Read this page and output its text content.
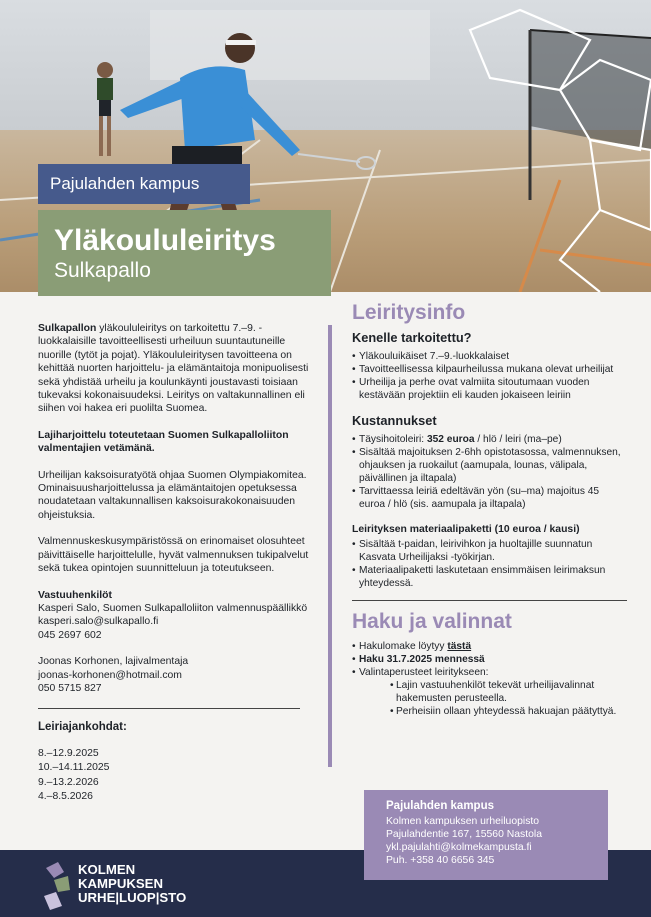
Pajulahden kampus
Yläkoululeiritys
Sulkapallo

Sulkapallon yläkoululeiritys on tarkoitettu 7.–9. -luokkalaisille tavoitteellisesti urheiluun suuntautuneille nuorille (tytöt ja pojat). Yläkoululeiritysen tavoitteena on kehittää nuorten harjoittelu- ja elämäntaitoja monipuolisesti sekä yhdistää urheilu ja koulunkäynti joustavasti toisiaan tukevaksi kokonaisuudeksi. Leiritys on valtakunnallinen eli siihen voi hakea eri puolilta Suomea.

Lajiharjoittelu toteutetaan Suomen Sulkapalloliiton valmentajien vetämänä.

Urheilijan kaksoisuratyötä ohjaa Suomen Olympiakomitea. Ominaisuusharjoittelussa ja elämäntaitojen opetuksessa noudatetaan valtakunnallisen kaksoisurakokonaisuuden ohjeistuksia.

Valmennuskeskusympäristössä on erinomaiset olosuhteet päivittäiselle harjoittelulle, hyvät valmennuksen tukipalvelut sekä tukea opintojen suunnitteluun ja toteutukseen.

Vastuuhenkilöt
Kasperi Salo, Suomen Sulkapalloliiton valmennuspäällikkö
kasperi.salo@sulkapallo.fi
045 2697 602
Joonas Korhonen, lajivalmentaja
joonas-korhonen@hotmail.com
050 5715 827
Leiriajankohdat:
8.–12.9.2025
10.–14.11.2025
9.–13.2.2026
4.–8.5.2026
Leiritysinfo
Kenelle tarkoitettu?
• Yläkouluikäiset 7.–9.-luokkalaiset
• Tavoitteellisessa kilpaurheilussa mukana olevat urheilijat
• Urheilija ja perhe ovat valmiita sitoutumaan vuoden kestävään projektiin eli kauden jokaiseen leiriin
Kustannukset
• Täysihoitoleiri: 352 euroa / hlö / leiri (ma–pe)
• Sisältää majoituksen 2-6hh opistotasossa, valmennuksen, ohjauksen ja ruokailut (aamupala, lounas, välipala, päivällinen ja iltapala)
• Tarvittaessa leiriä edeltävän yön (su–ma) majoitus 45 euroa / hlö (sis. aamupala ja iltapala)
Leirityksen materiaalipaketti (10 euroa / kausi)
• Sisältää t-paidan, leirivihkon ja huoltajille suunnatun Kasvata Urheilijaksi -työkirjan.
• Materiaalipaketti laskutetaan ensimmäisen leirimaksun yhteydessä.
Haku ja valinnat
• Hakulomake löytyy tästä
• Haku 31.7.2025 mennessä
• Valintaperusteet leiritykseen:
• Lajin vastuuhenkilöt tekevät urheilijavalinnat hakemusten perusteella.
• Perheisiin ollaan yhteydessä hakuajan päätyttyä.
Pajulahden kampus
Kolmen kampuksen urheiluopisto
Pajulahdentie 167, 15560 Nastola
ykl.pajulahti@kolmekampusta.fi
Puh. +358 40 6656 345
KOLMEN
KAMPUKSEN
URHE|LUOP|STO
